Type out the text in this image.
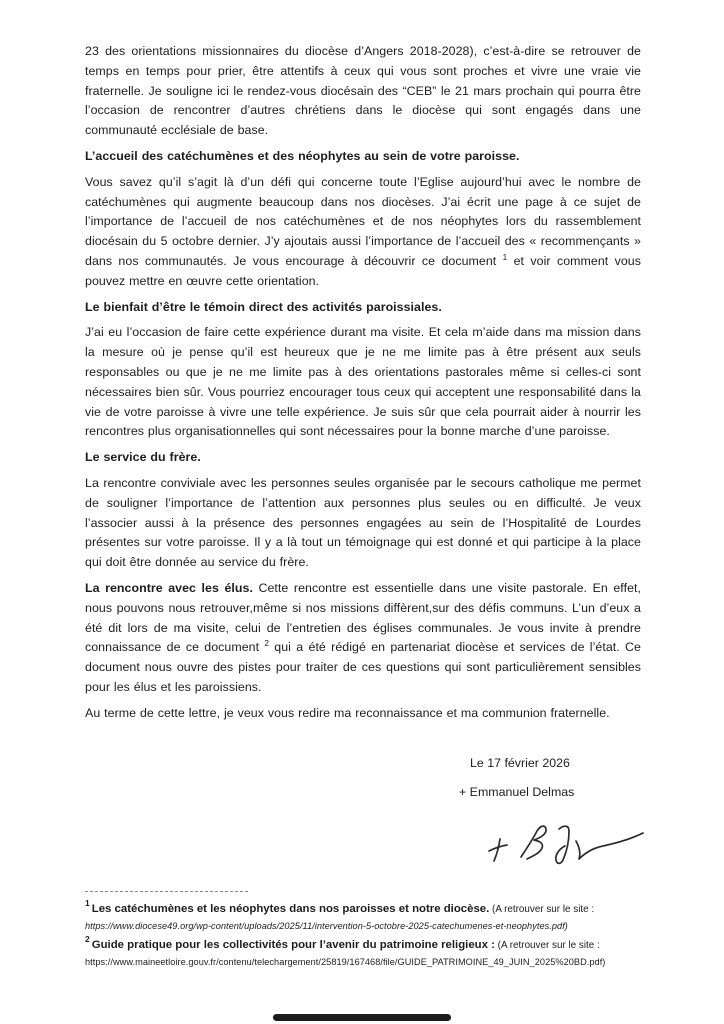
23 des orientations missionnaires du diocèse d’Angers 2018-2028), c’est-à-dire se retrouver de temps en temps pour prier, être attentifs à ceux qui vous sont proches et vivre une vraie vie fraternelle. Je souligne ici le rendez-vous diocésain des “CEB” le 21 mars prochain qui pourra être l’occasion de rencontrer d’autres chrétiens dans le diocèse qui sont engagés dans une communauté ecclésiale de base.

L’accueil des catéchumènes et des néophytes au sein de votre paroisse.

Vous savez qu’il s’agit là d’un défi qui concerne toute l’Eglise aujourd’hui avec le nombre de catéchumènes qui augmente beaucoup dans nos diocèses. J’ai écrit une page à ce sujet de l’importance de l’accueil de nos catéchumènes et de nos néophytes lors du rassemblement diocésain du 5 octobre dernier. J’y ajoutais aussi l’importance de l’accueil des « recommençants » dans nos communautés. Je vous encourage à découvrir ce document $^1$ et voir comment vous pouvez mettre en œuvre cette orientation.

Le bienfait d’être le témoin direct des activités paroissiales.

J’ai eu l’occasion de faire cette expérience durant ma visite. Et cela m’aide dans ma mission dans la mesure où je pense qu’il est heureux que je ne me limite pas à être présent aux seuls responsables ou que je ne me limite pas à des orientations pastorales même si celles-ci sont nécessaires bien sûr. Vous pourriez encourager tous ceux qui acceptent une responsabilité dans la vie de votre paroisse à vivre une telle expérience. Je suis sûr que cela pourrait aider à nourrir les rencontres plus organisationnelles qui sont nécessaires pour la bonne marche d’une paroisse.

Le service du frère.

La rencontre conviviale avec les personnes seules organisée par le secours catholique me permet de souligner l’importance de l’attention aux personnes plus seules ou en difficulté. Je veux l’associer aussi à la présence des personnes engagées au sein de l’Hospitalité de Lourdes présentes sur votre paroisse. Il y a là tout un témoignage qui est donné et qui participe à la place qui doit être donnée au service du frère.

La rencontre avec les élus. Cette rencontre est essentielle dans une visite pastorale. En effet, nous pouvons nous retrouver,même si nos missions diffèrent,sur des défis communs. L’un d’eux a été dit lors de ma visite, celui de l’entretien des églises communales. Je vous invite à prendre connaissance de ce document $^2$ qui a été rédigé en partenariat diocèse et services de l’état. Ce document nous ouvre des pistes pour traiter de ces questions qui sont particulièrement sensibles pour les élus et les paroissiens.

Au terme de cette lettre, je veux vous redire ma reconnaissance et ma communion fraternelle.

Le 17 février 2026

+ Emmanuel Delmas

$^1$Les catéchumènes et les néophytes dans nos paroisses et notre diocèse. (A retrouver sur le site :

https://www.diocese49.org/wp-content/uploads/2025/11/intervention-5-octobre-2025-catechumenes-et-neophytes.pdf)

$^2$Guide pratique pour les collectivités pour l’avenir du patrimoine religieux : (A retrouver sur le site :

https://www.maineetloire.gouv.fr/contenu/telechargement/25819/167468/file/GUIDE_PATRIMOINE_49_JUIN_2025%20BD.pdf)
